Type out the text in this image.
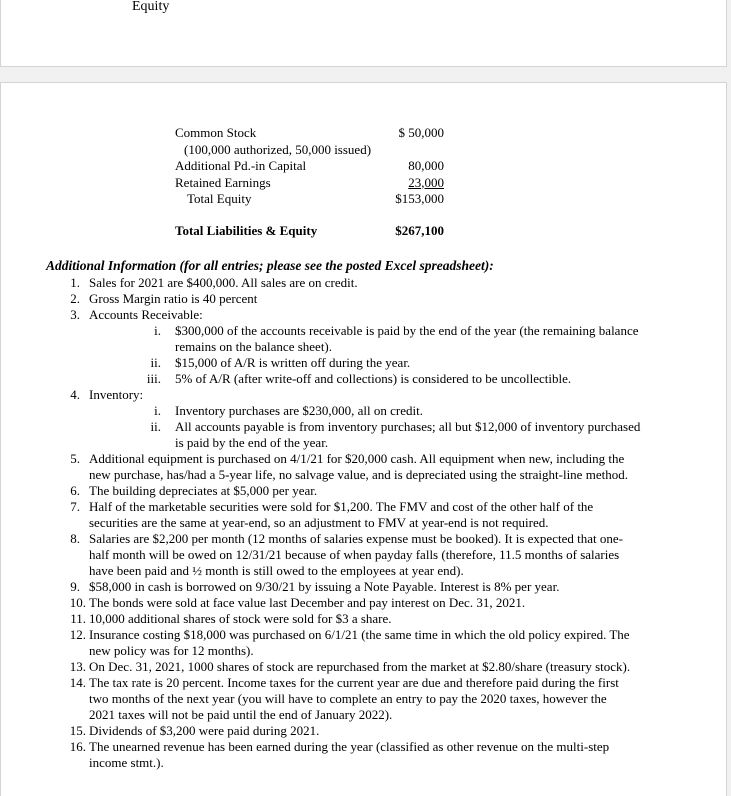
Equity
Common Stock	$ 50,000
(100,000 authorized, 50,000 issued)
Additional Pd.-in Capital	80,000
Retained Earnings	23,000
Total Equity	$153,000
Total Liabilities & Equity	$267,100
Additional Information (for all entries; please see the posted Excel spreadsheet):
1. Sales for 2021 are $400,000. All sales are on credit.
2. Gross Margin ratio is 40 percent
3. Accounts Receivable:
i. $300,000 of the accounts receivable is paid by the end of the year (the remaining balance
remains on the balance sheet).
ii. $15,000 of A/R is written off during the year.
iii. 5% of A/R (after write-off and collections) is considered to be uncollectible.
4. Inventory:
i. Inventory purchases are $230,000, all on credit.
ii. All accounts payable is from inventory purchases; all but $12,000 of inventory purchased
is paid by the end of the year.
5. Additional equipment is purchased on 4/1/21 for $20,000 cash. All equipment when new, including the
new purchase, has/had a 5-year life, no salvage value, and is depreciated using the straight-line method.
6. The building depreciates at $5,000 per year.
7. Half of the marketable securities were sold for $1,200. The FMV and cost of the other half of the
securities are the same at year-end, so an adjustment to FMV at year-end is not required.
8. Salaries are $2,200 per month (12 months of salaries expense must be booked). It is expected that one-
half month will be owed on 12/31/21 because of when payday falls (therefore, 11.5 months of salaries
have been paid and ½ month is still owed to the employees at year end).
9. $58,000 in cash is borrowed on 9/30/21 by issuing a Note Payable. Interest is 8% per year.
10. The bonds were sold at face value last December and pay interest on Dec. 31, 2021.
11. 10,000 additional shares of stock were sold for $3 a share.
12. Insurance costing $18,000 was purchased on 6/1/21 (the same time in which the old policy expired. The
new policy was for 12 months).
13. On Dec. 31, 2021, 1000 shares of stock are repurchased from the market at $2.80/share (treasury stock).
14. The tax rate is 20 percent. Income taxes for the current year are due and therefore paid during the first
two months of the next year (you will have to complete an entry to pay the 2020 taxes, however the
2021 taxes will not be paid until the end of January 2022).
15. Dividends of $3,200 were paid during 2021.
16. The unearned revenue has been earned during the year (classified as other revenue on the multi-step
income stmt.).
